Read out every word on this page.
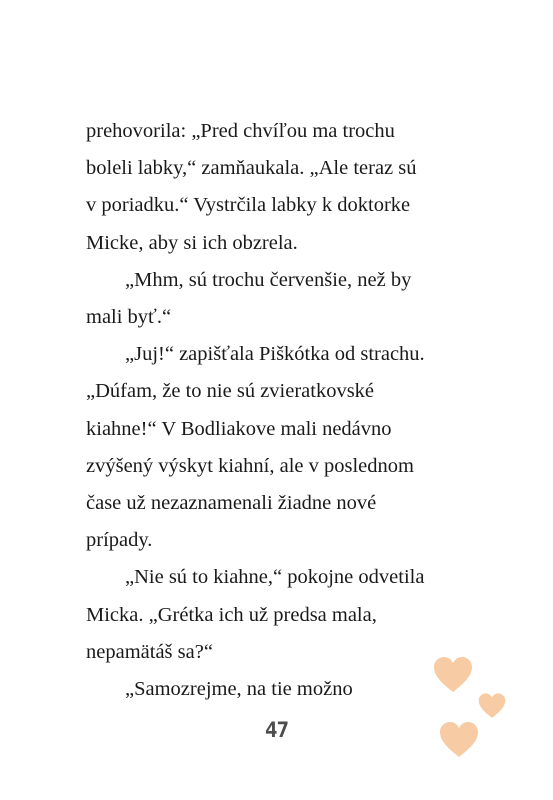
prehovorila: „Pred chvíľou ma trochu
boleli labky,“ zamňaukala. „Ale teraz sú
v poriadku.“ Vystrčila labky k doktorke
Micke, aby si ich obzrela.
„Mhm, sú trochu červenšie, než by
mali byť.“
„Juj!“ zapišťala Piškótka od strachu.
„Dúfam, že to nie sú zvieratkovské
kiahne!“ V Bodliakove mali nedávno
zvýšený výskyt kiahní, ale v poslednom
čase už nezaznamenali žiadne nové
prípady.
„Nie sú to kiahne,“ pokojne odvetila
Micka. „Grétka ich už predsa mala,
nepamätáš sa?“
„Samozrejme, na tie možno
47
